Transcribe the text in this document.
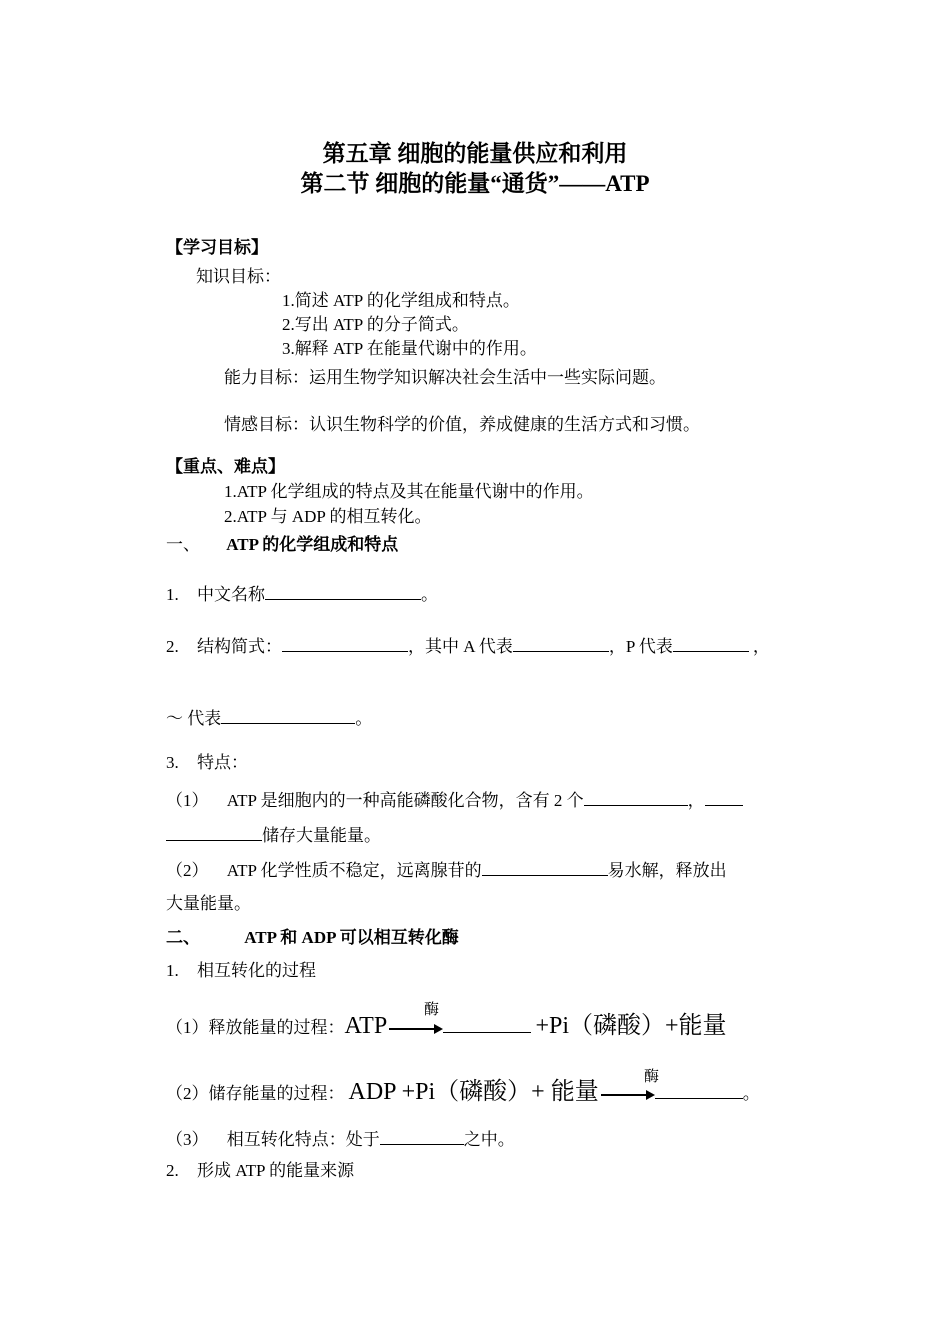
第五章 细胞的能量供应和利用
第二节 细胞的能量“通货”——ATP
【学习目标】
知识目标：
1.简述 ATP 的化学组成和特点。
2.写出 ATP 的分子简式。
3.解释 ATP 在能量代谢中的作用。
能力目标：运用生物学知识解决社会生活中一些实际问题。
情感目标：认识生物科学的价值，养成健康的生活方式和习惯。
【重点、难点】
1.ATP 化学组成的特点及其在能量代谢中的作用。
2.ATP 与 ADP 的相互转化。
一、 ATP 的化学组成和特点
1. 中文名称	。
2. 结构简式：	，其中 A 代表	，P 代表	，
～ 代表	。
3. 特点：
（1） ATP 是细胞内的一种高能磷酸化合物，含有 2 个	，
储存大量能量。
（2） ATP 化学性质不稳定，远离腺苷的	易水解，释放出
大量能量。
二、	ATP 和 ADP 可以相互转化酶
1. 相互转化的过程
（1）释放能量的过程：ATP →	+Pi（磷酸）+能量
酶
（2）储存能量的过程： ADP +Pi（磷酸）+ 能量 →	。
酶
（3） 相互转化特点：处于	之中。
2. 形成 ATP 的能量来源
